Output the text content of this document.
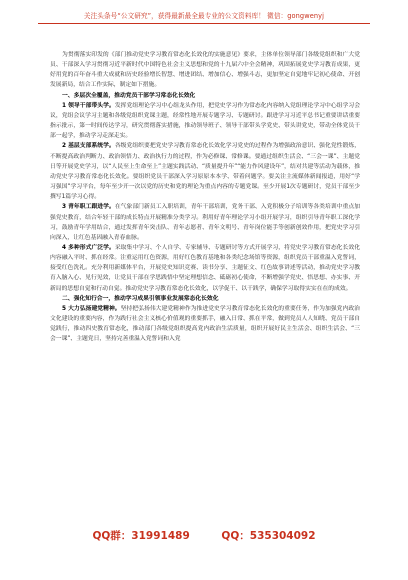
关注头条号“公文研究”，获得最新最全最专业的公文资料库！ 微信：gongwenyj

为贯彻落实印发的《部门推动党史学习教育常态化长效化的实施意见》要求，主体单位领导部门各级党组织和广大党员、干部深入学习贯彻习近平新时代中国特色社会主义思想和党的十九届六中全会精神，巩固拓展党史学习教育成果，更好用党的百年奋斗重大成就和历史经验增长智慧、增进团结、增加信心、增强斗志，更加坚定自觉地牢记初心使命、开创发展新局，结合工作实际，制定如下措施。

一、多层次全覆盖，推动党员干部学习常态化长效化

1 领导干部带头学。发挥党组理论学习中心组龙头作用，把党史学习作为常态化内容纳入党组理论学习中心组学习会议，党组会议学习主题和各级党组织党课主题，经常性地开展专题学习、专题研讨。跟进学习习近平总书记重要讲话重要指示批示，第一时间传达学习，研究贯彻落实措施，推动领导班子、领导干部带头学党史、带头讲党史，带动全体党员干部一起学，推动学习走深走实。

2 基层支部系统学。各级党组织要把党史学习教育常态化长效化学习党史的过程作为增强政治意识、强化党性锻炼，不断提高政治判断力、政治领悟力、政治执行力的过程，作为必修课、常修课。要通过组织生活会、“三会一课”、主题党日等开展党史学习，以“人民至上生命至上”主题实践活动、“质量提升年”“能力作风建设年”，结对共建等活动为载体，推动党史学习教育常态化长效化。要组织党员干部深入学习原原本本学、带着问题学。要关注主流媒体新闻报道，用好“学习强国”学习平台，每年至少开一次以党的历史和党的理论为重点内容的专题党课。至少开展1次专题研讨，党员干部至少撰写1篇学习心得。

3 青年职工跟进学。在气象部门新员工入职培训，青年干部培训，党务干部、入党积极分子培训等各类培训中重点加强党史教育，结合年轻干部的成长特点开展精准分类学习。利用好青年理论学习小组开展学习，组织引导青年职工深化学习，鼓励青年学用结合，通过发挥青年突击队、青年志愿者、青年文明号、青年岗位能手等创新创效作用，把党史学习引向深入，让红色基因融入青春血脉。

4 多种形式广泛学。采取集中学习、个人自学、专家辅导、专题研讨等方式开展学习，将党史学习教育常态化长效化内容融入平时、抓在经常。注重运用红色资源，用好红色教育基地和各类纪念场馆等资源，组织党员干部重温入党誓词，接受红色洗礼。充分利用新媒体平台，开展党史知识竞赛、读书分享、主题征文、红色故事讲述等活动，推动党史学习教育入脑入心、见行见效，让党员干部在学思践悟中坚定理想信念、砥砺初心使命，不断增强学党史、悟思想、办实事、开新局的思想自觉和行动自觉。推动党史学习教育常态化长效化，以学促干、以干践学，确保学习取得实实在在的成效。

二、强化知行合一，推动学习成果引领事业发展常态化长效化

5 大力弘扬建党精神。坚持把弘扬伟大建党精神作为推进党史学习教育常态化长效化的重要任务，作为加强党内政治文化建设的重要内容，作为践行社会主义核心价值观的重要抓手，融入日常、抓在平常，做到党员人人知晓、党员干部自觉践行，推动四史教育常态化，推动部门各级党组织提高党内政治生活质量，组织开展好民主生活会、组织生活会、“三会一课”、主题党日，坚持完善重温入党誓词和入党

QQ群：31991489	QQ：535304092
